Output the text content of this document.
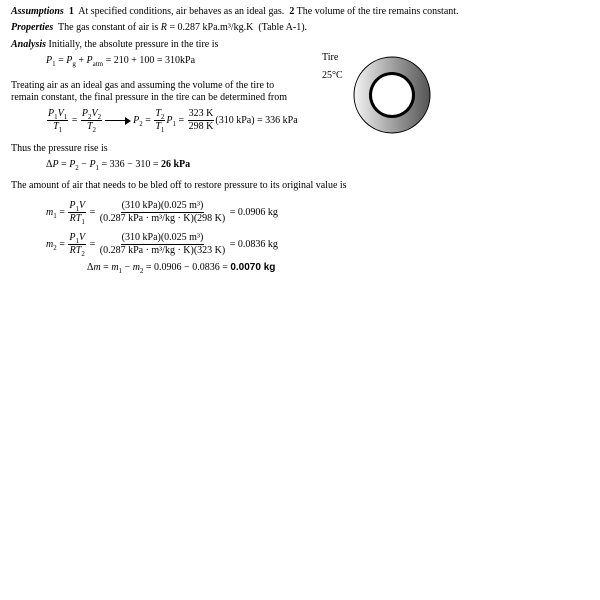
Assumptions 1 At specified conditions, air behaves as an ideal gas. 2 The volume of the tire remains constant.
Properties The gas constant of air is R = 0.287 kPa.m³/kg.K (Table A-1).
Analysis Initially, the absolute pressure in the tire is
$P_1 = P_g + P_{atm} = 210 + 100 = 310kPa$	Tire
25°C
Treating air as an ideal gas and assuming the volume of the tire to
remain constant, the final pressure in the tire can be determined from
$\frac{P_1V_1}{T_1} = \frac{P_2V_2}{T_2}$	$P_2 = \frac{T_2}{T_1} P_1 = \frac{323 K}{298 K} (310$ kPa) = 336 kPa
Thus the pressure rise is
$\Delta P = P_2 - P_1 = 336 - 310 = 26$ kPa
The amount of air that needs to be bled off to restore pressure to its original value is
$m_1 = \frac{P_1V}{RT_1} = \frac{\text{(310 kPa)(0.025 m³)}}{\text{(0.287 kPa · m³/kg · K)(298 K)}}$
= 0.0906 kg
$m_2 = \frac{P_1V}{RT_2} = \frac{\text{(310 kPa)(0.025 m³)}}{\text{(0.287 kPa · m³/kg · K)(323 K)}}$
= 0.0836 kg
$\Delta m = m_1 - m_2 = 0.0906 - 0.0836 = 0.0070$ kg
